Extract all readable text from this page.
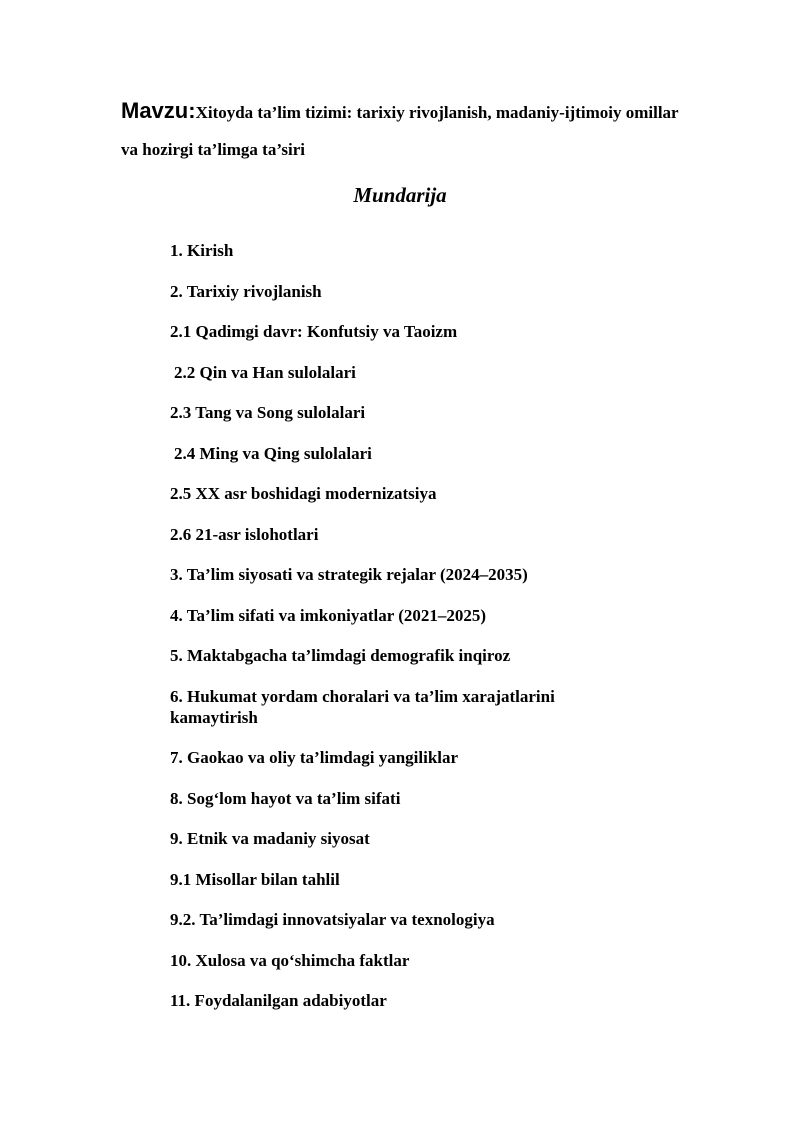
Mavzu:Xitoyda ta’lim tizimi: tarixiy rivojlanish, madaniy-ijtimoiy omillar va hozirgi ta’limga ta’siri
Mundarija
1. Kirish
2. Tarixiy rivojlanish
2.1 Qadimgi davr: Konfutsiy va Taoizm
2.2 Qin va Han sulolalari
2.3 Tang va Song sulolalari
2.4 Ming va Qing sulolalari
2.5 XX asr boshidagi modernizatsiya
2.6 21-asr islohotlari
3. Ta’lim siyosati va strategik rejalar (2024–2035)
4. Ta’lim sifati va imkoniyatlar (2021–2025)
5. Maktabgacha ta’limdagi demografik inqiroz
6. Hukumat yordam choralari va ta’lim xarajatlarini kamaytirish
7. Gaokao va oliy ta’limdagi yangiliklar
8. Sog‘lom hayot va ta’lim sifati
9. Etnik va madaniy siyosat
9.1 Misollar bilan tahlil
9.2. Ta’limdagi innovatsiyalar va texnologiya
10. Xulosa va qo‘shimcha faktlar
11. Foydalanilgan adabiyotlar
